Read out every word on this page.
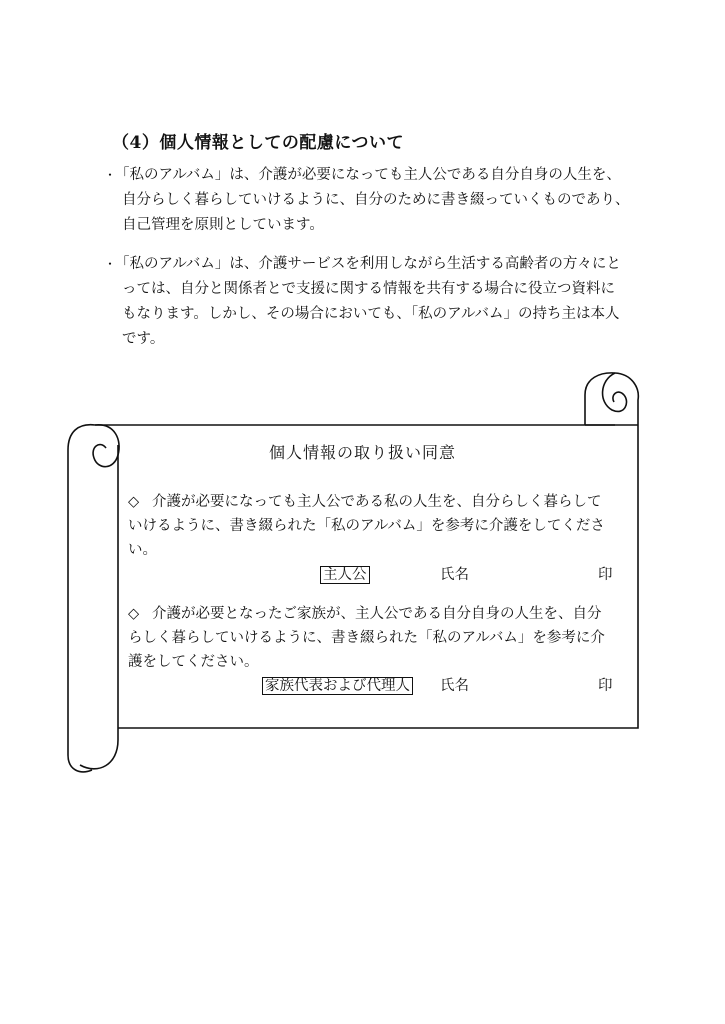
（4）個人情報としての配慮について
・「私のアルバム」は、介護が必要になっても主人公である自分自身の人生を、
自分らしく暮らしていけるように、自分のために書き綴っていくものであり、
自己管理を原則としています。
・「私のアルバム」は、介護サービスを利用しながら生活する高齢者の方々にと
っては、自分と関係者とで支援に関する情報を共有する場合に役立つ資料に
もなります。しかし、その場合においても、「私のアルバム」の持ち主は本人
です。
個人情報の取り扱い同意
◇ 介護が必要になっても主人公である私の人生を、自分らしく暮らして
いけるように、書き綴られた「私のアルバム」を参考に介護をしてくださ
い。
主人公	氏名	印
◇ 介護が必要となったご家族が、主人公である自分自身の人生を、自分
らしく暮らしていけるように、書き綴られた「私のアルバム」を参考に介
護をしてください。
家族代表および代理人 氏名	印
